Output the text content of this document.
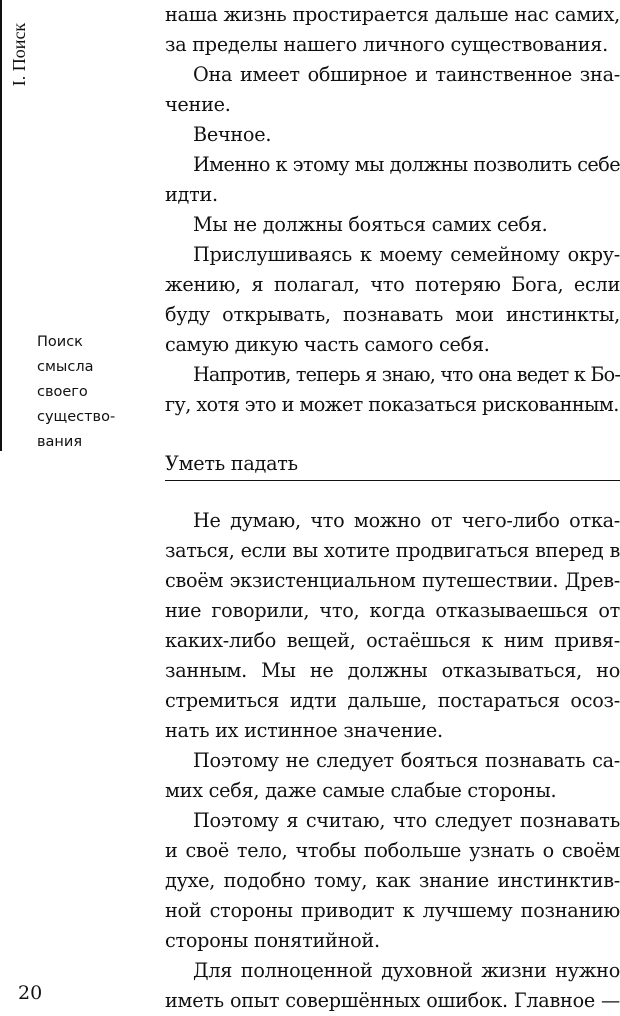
I. Поиск
Поиск
смысла
своего
существо-
вания
наша жизнь простирается дальше нас самих,
за пределы нашего личного существования.
Она имеет обширное и таинственное зна-
чение.
Вечное.
Именно к этому мы должны позволить себе
идти.
Мы не должны бояться самих себя.
Прислушиваясь к моему семейному окру-
жению, я полагал, что потеряю Бога, если
буду открывать, познавать мои инстинкты,
самую дикую часть самого себя.
Напротив, теперь я знаю, что она ведет к Бо-
гу, хотя это и может показаться рискованным.
Уметь падать
Не думаю, что можно от чего-либо отка-
заться, если вы хотите продвигаться вперед в
своём экзистенциальном путешествии. Древ-
ние говорили, что, когда отказываешься от
каких-либо вещей, остаёшься к ним привя-
занным. Мы не должны отказываться, но
стремиться идти дальше, постараться осоз-
нать их истинное значение.
Поэтому не следует бояться познавать са-
мих себя, даже самые слабые стороны.
Поэтому я считаю, что следует познавать
и своё тело, чтобы побольше узнать о своём
духе, подобно тому, как знание инстинктив-
ной стороны приводит к лучшему познанию
стороны понятийной.
Для полноценной духовной жизни нужно
иметь опыт совершённых ошибок. Главное —
20
